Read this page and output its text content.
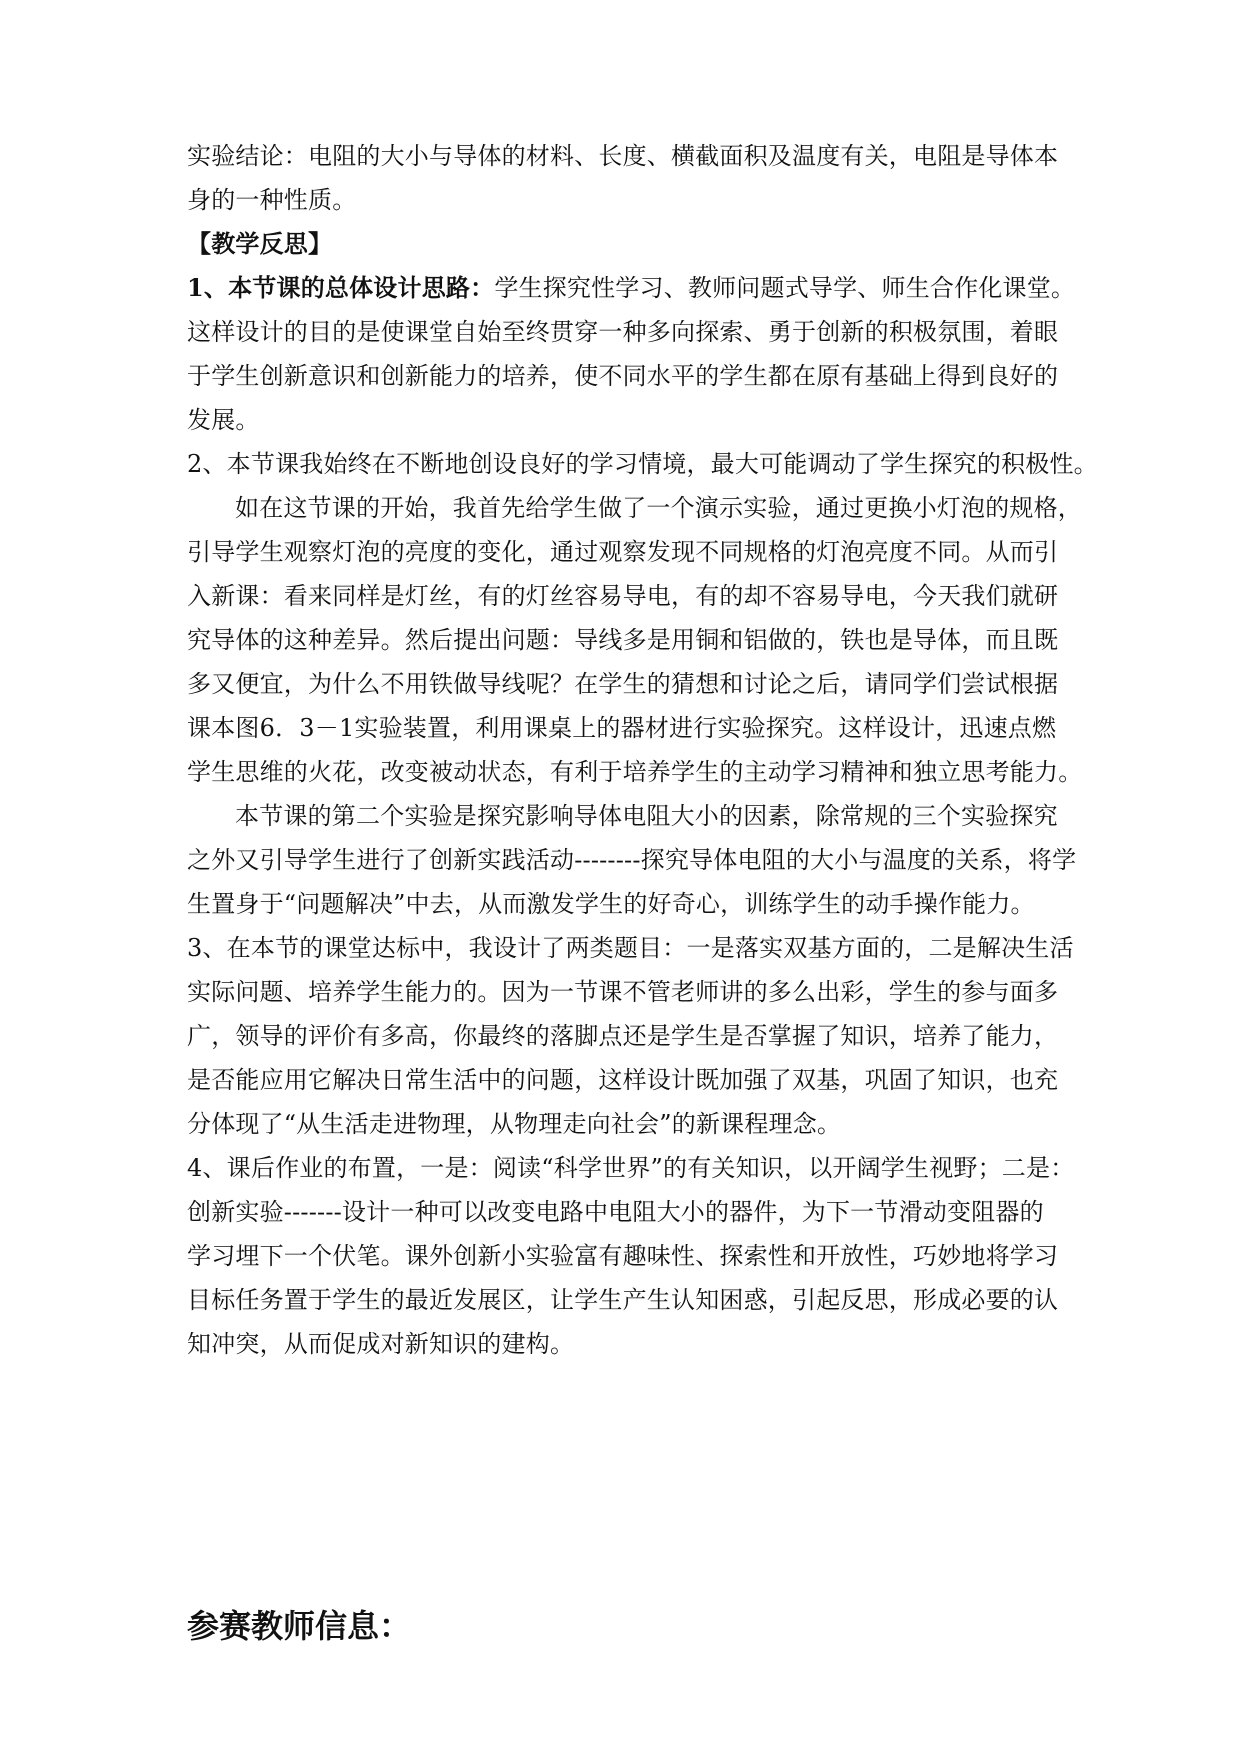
实验结论：电阻的大小与导体的材料、长度、横截面积及温度有关，电阻是导体本
身的一种性质。
【教学反思】
1、本节课的总体设计思路：学生探究性学习、教师问题式导学、师生合作化课堂。
这样设计的目的是使课堂自始至终贯穿一种多向探索、勇于创新的积极氛围，着眼
于学生创新意识和创新能力的培养，使不同水平的学生都在原有基础上得到良好的
发展。
2、本节课我始终在不断地创设良好的学习情境，最大可能调动了学生探究的积极性。
如在这节课的开始，我首先给学生做了一个演示实验，通过更换小灯泡的规格，
引导学生观察灯泡的亮度的变化，通过观察发现不同规格的灯泡亮度不同。从而引
入新课：看来同样是灯丝，有的灯丝容易导电，有的却不容易导电，今天我们就研
究导体的这种差异。然后提出问题：导线多是用铜和铝做的，铁也是导体，而且既
多又便宜，为什么不用铁做导线呢？在学生的猜想和讨论之后，请同学们尝试根据
课本图6．3－1实验装置，利用课桌上的器材进行实验探究。这样设计，迅速点燃
学生思维的火花，改变被动状态，有利于培养学生的主动学习精神和独立思考能力。
本节课的第二个实验是探究影响导体电阻大小的因素，除常规的三个实验探究
之外又引导学生进行了创新实践活动--------探究导体电阻的大小与温度的关系，将学
生置身于“问题解决”中去，从而激发学生的好奇心，训练学生的动手操作能力。
3、在本节的课堂达标中，我设计了两类题目：一是落实双基方面的，二是解决生活
实际问题、培养学生能力的。因为一节课不管老师讲的多么出彩，学生的参与面多
广，领导的评价有多高，你最终的落脚点还是学生是否掌握了知识，培养了能力，
是否能应用它解决日常生活中的问题，这样设计既加强了双基，巩固了知识，也充
分体现了“从生活走进物理，从物理走向社会”的新课程理念。
4、课后作业的布置，一是：阅读“科学世界”的有关知识，以开阔学生视野；二是：
创新实验-------设计一种可以改变电路中电阻大小的器件，为下一节滑动变阻器的
学习埋下一个伏笔。课外创新小实验富有趣味性、探索性和开放性，巧妙地将学习
目标任务置于学生的最近发展区，让学生产生认知困惑，引起反思，形成必要的认
知冲突，从而促成对新知识的建构。
参赛教师信息：
